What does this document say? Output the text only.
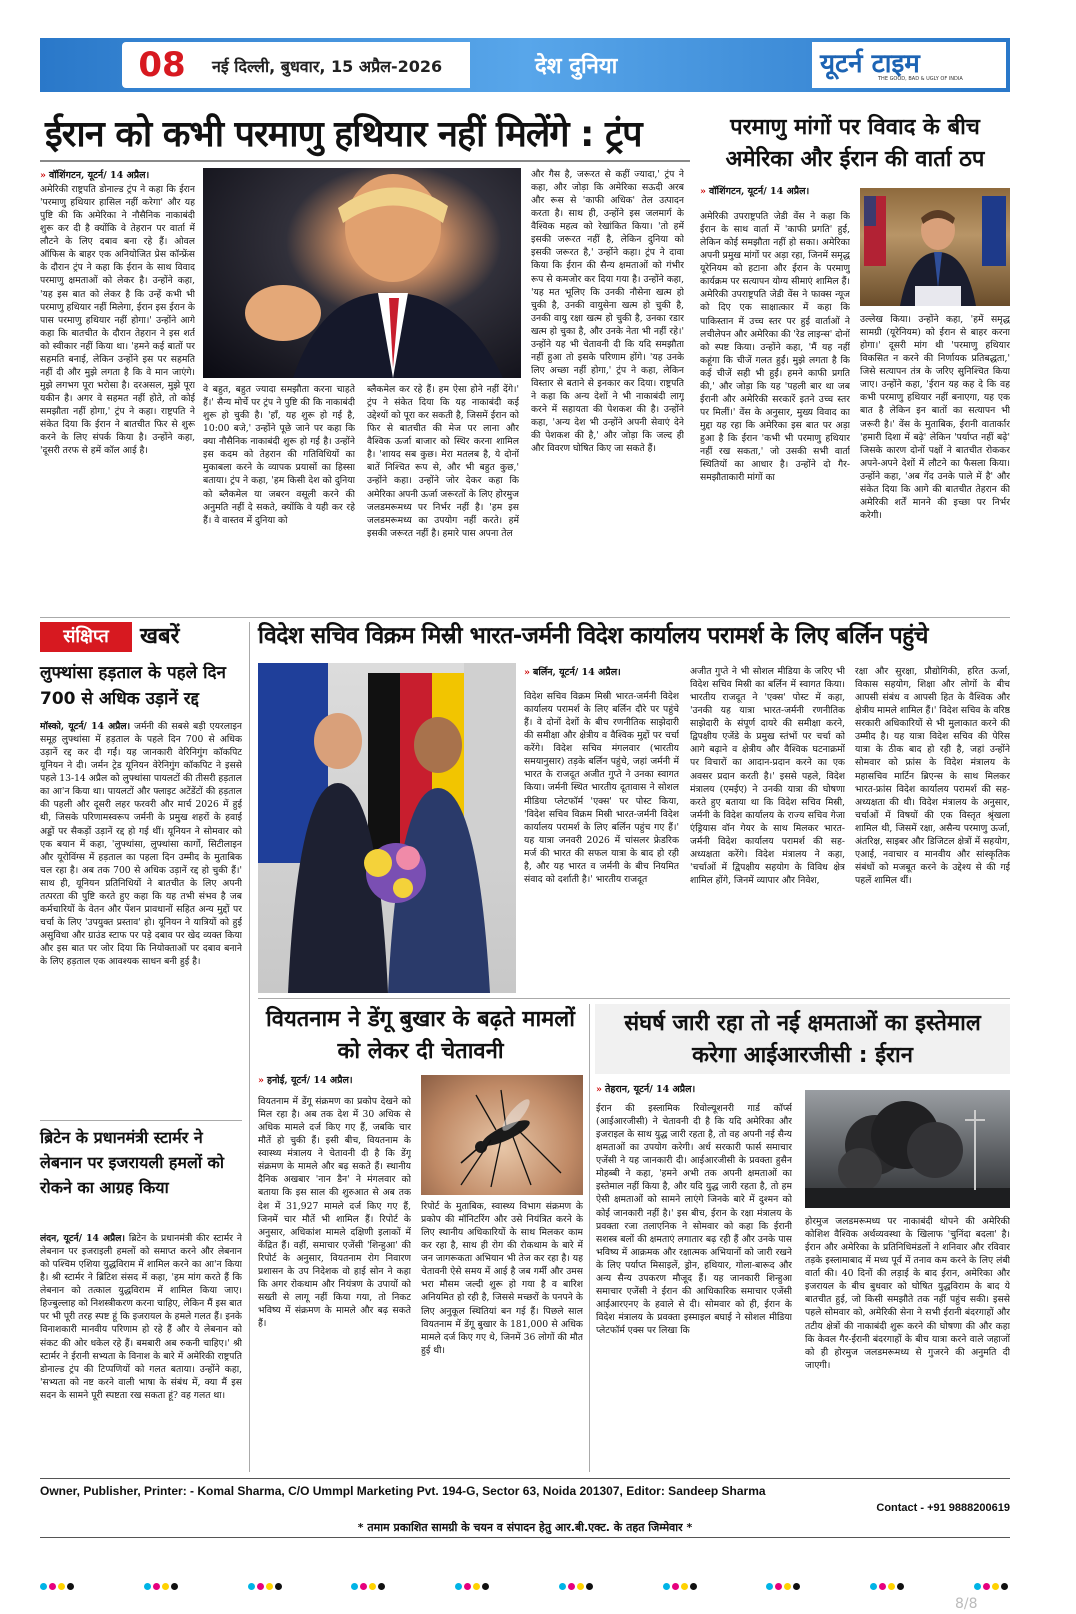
08	नई दिल्ली, बुधवार, 15 अप्रैल-2026	देश दुनिया	यूटर्न टाइम
THE GOOD, BAD & UGLY OF INDIA
ईरान को कभी परमाणु हथियार नहीं मिलेंगे : ट्रंप
» वॉशिंगटन, यूटर्न/ 14 अप्रैल।
अमेरिकी राष्ट्रपति डोनाल्ड ट्रंप ने कहा कि ईरान 'परमाणु हथियार हासिल नहीं करेगा' और यह पुष्टि की कि अमेरिका ने नौसैनिक नाकाबंदी शुरू कर दी है क्योंकि वे तेहरान पर वार्ता में लौटने के लिए दबाव बना रहे हैं। ओवल ऑफिस के बाहर एक अनियोजित प्रेस कॉन्फ्रेंस के दौरान ट्रंप ने कहा कि ईरान के साथ विवाद परमाणु क्षमताओं को लेकर है। उन्होंने कहा, 'यह इस बात को लेकर है कि उन्हें कभी भी परमाणु हथियार नहीं मिलेगा, ईरान इस ईरान के पास परमाणु हथियार नहीं होगा।' उन्होंने आगे कहा कि बातचीत के दौरान तेहरान ने इस शर्त को स्वीकार नहीं किया था। 'हमने कई बातों पर सहमति बनाई, लेकिन उन्होंने इस पर सहमति नहीं दी और मुझे लगता है कि वे मान जाएंगे। मुझे लगभग पूरा भरोसा है। दरअसल, मुझे पूरा यकीन है। अगर वे सहमत नहीं होते, तो कोई समझौता नहीं होगा,' ट्रंप ने कहा। राष्ट्रपति ने संकेत दिया कि ईरान ने बातचीत फिर से शुरू करने के लिए संपर्क किया है। उन्होंने कहा, 'दूसरी तरफ से हमें कॉल आई है।
वे बहुत, बहुत ज्यादा समझौता करना चाहते हैं।' सैन्य मोर्चे पर ट्रंप ने पुष्टि की कि नाकाबंदी शुरू हो चुकी है। 'हाँ, यह शुरू हो गई है, 10:00 बजे,' उन्होंने पूछे जाने पर कहा कि क्या नौसैनिक नाकाबंदी शुरू हो गई है। उन्होंने इस कदम को तेहरान की गतिविधियों का मुकाबला करने के व्यापक प्रयासों का हिस्सा बताया। ट्रंप ने कहा, 'हम किसी देश को दुनिया को ब्लैकमेल या जबरन वसूली करने की अनुमति नहीं दे सकते, क्योंकि वे यही कर रहे हैं। वे वास्तव में दुनिया को
ब्लैकमेल कर रहे हैं। हम ऐसा होने नहीं देंगे।' ट्रंप ने संकेत दिया कि यह नाकाबंदी कई उद्देश्यों को पूरा कर सकती है, जिसमें ईरान को फिर से बातचीत की मेज पर लाना और वैश्विक ऊर्जा बाजार को स्थिर करना शामिल है। 'शायद सब कुछ। मेरा मतलब है, ये दोनों बातें निश्चित रूप से, और भी बहुत कुछ,' उन्होंने कहा। उन्होंने जोर देकर कहा कि अमेरिका अपनी ऊर्जा जरूरतों के लिए होरमुज जलडमरूमध्य पर निर्भर नहीं है। 'हम इस जलडमरूमध्य का उपयोग नहीं करते। हमें इसकी जरूरत नहीं है। हमारे पास अपना तेल
और गैस है, जरूरत से कहीं ज्यादा,' ट्रंप ने कहा, और जोड़ा कि अमेरिका सऊदी अरब और रूस से 'काफी अधिक' तेल उत्पादन करता है। साथ ही, उन्होंने इस जलमार्ग के वैश्विक महत्व को रेखांकित किया। 'तो हमें इसकी जरूरत नहीं है, लेकिन दुनिया को इसकी जरूरत है,' उन्होंने कहा। ट्रंप ने दावा किया कि ईरान की सैन्य क्षमताओं को गंभीर रूप से कमजोर कर दिया गया है। उन्होंने कहा, 'यह मत भूलिए कि उनकी नौसेना खत्म हो चुकी है, उनकी वायुसेना खत्म हो चुकी है, उनकी वायु रक्षा खत्म हो चुकी है, उनका रडार खत्म हो चुका है, और उनके नेता भी नहीं रहे।' उन्होंने यह भी चेतावनी दी कि यदि समझौता नहीं हुआ तो इसके परिणाम होंगे। 'यह उनके लिए अच्छा नहीं होगा,' ट्रंप ने कहा, लेकिन विस्तार से बताने से इनकार कर दिया। राष्ट्रपति ने कहा कि अन्य देशों ने भी नाकाबंदी लागू करने में सहायता की पेशकश की है। उन्होंने कहा, 'अन्य देश भी उन्होंने अपनी सेवाएं देने की पेशकश की है,' और जोड़ा कि जल्द ही और विवरण घोषित किए जा सकते हैं।
परमाणु मांगों पर विवाद के बीच अमेरिका और ईरान की वार्ता ठप
» वॉशिंगटन, यूटर्न/ 14 अप्रैल।
अमेरिकी उपराष्ट्रपति जेडी वेंस ने कहा कि ईरान के साथ वार्ता में 'काफी प्रगति' हुई, लेकिन कोई समझौता नहीं हो सका। अमेरिका अपनी प्रमुख मांगों पर अड़ा रहा, जिनमें समृद्ध यूरेनियम को हटाना और ईरान के परमाणु कार्यक्रम पर सत्यापन योग्य सीमाएं शामिल हैं। अमेरिकी उपराष्ट्रपति जेडी वेंस ने फाक्स न्यूज को दिए एक साक्षात्कार में कहा कि पाकिस्तान में उच्च स्तर पर हुई वार्ताओं ने लचीलेपन और अमेरिका की 'रेड लाइन्स' दोनों को स्पष्ट किया। उन्होंने कहा, 'मैं यह नहीं कहूंगा कि चीजें गलत हुईं। मुझे लगता है कि कई चीजें सही भी हुईं। हमने काफी प्रगति की,' और जोड़ा कि यह 'पहली बार था जब ईरानी और अमेरिकी सरकारें इतने उच्च स्तर पर मिलीं।' वेंस के अनुसार, मुख्य विवाद का मुद्दा यह रहा कि अमेरिका इस बात पर अड़ा हुआ है कि ईरान 'कभी भी परमाणु हथियार नहीं रख सकता,' जो उसकी सभी वार्ता स्थितियों का आधार है। उन्होंने दो गैर-समझौताकारी मांगों का
उल्लेख किया। उन्होंने कहा, 'हमें समृद्ध सामग्री (यूरेनियम) को ईरान से बाहर करना होगा।' दूसरी मांग थी 'परमाणु हथियार विकसित न करने की निर्णायक प्रतिबद्धता,' जिसे सत्यापन तंत्र के जरिए सुनिश्चित किया जाए। उन्होंने कहा, 'ईरान यह कह दे कि वह कभी परमाणु हथियार नहीं बनाएगा, यह एक बात है लेकिन इन बातों का सत्यापन भी जरूरी है।' वेंस के मुताबिक, ईरानी वातार्कार 'हमारी दिशा में बढ़े' लेकिन 'पर्याप्त नहीं बढ़े' जिसके कारण दोनों पक्षों ने बातचीत रोककर अपने-अपने देशों में लौटने का फैसला किया। उन्होंने कहा, 'अब गेंद उनके पाले में है' और संकेत दिया कि आगे की बातचीत तेहरान की अमेरिकी शर्तें मानने की इच्छा पर निर्भर करेगी।
संक्षिप्त	खबरें
लुफ्थांसा हड़ताल के पहले दिन 700 से अधिक उड़ानें रद्द
मॉस्को, यूटर्न/ 14 अप्रैल। जर्मनी की सबसे बड़ी एयरलाइन समूह लुफ्थांसा में हड़ताल के पहले दिन 700 से अधिक उड़ानें रद्द कर दी गईं। यह जानकारी वेरिनिगुंग कॉकपिट यूनियन ने दी। जर्मन ट्रेड यूनियन वेरेनिगुंग कॉकपिट ने इससे पहले 13-14 अप्रैल को लुफ्थांसा पायलटों की तीसरी हड़ताल का आ'न किया था। पायलटों और फ्लाइट अटेंडेंटों की हड़ताल की पहली और दूसरी लहर फरवरी और मार्च 2026 में हुई थी, जिसके परिणामस्वरूप जर्मनी के प्रमुख शहरों के हवाई अड्डों पर सैकड़ों उड़ानें रद्द हो गई थीं। यूनियन ने सोमवार को एक बयान में कहा, 'लुफ्थांसा, लुफ्थांसा कार्गो, सिटीलाइन और यूरोविंग्स में हड़ताल का पहला दिन उम्मीद के मुताबिक चल रहा है। अब तक 700 से अधिक उड़ानें रद्द हो चुकी हैं।' साथ ही, यूनियन प्रतिनिधियों ने बातचीत के लिए अपनी तत्परता की पुष्टि करते हुए कहा कि यह तभी संभव है जब कर्मचारियों के वेतन और पेंशन प्रावधानों सहित अन्य मुद्दों पर चर्चा के लिए 'उपयुक्त प्रस्ताव' हो। यूनियन ने यात्रियों को हुई असुविधा और ग्राउंड स्टाफ पर पड़े दबाव पर खेद व्यक्त किया और इस बात पर जोर दिया कि नियोक्ताओं पर दबाव बनाने के लिए हड़ताल एक आवश्यक साधन बनी हुई है।
ब्रिटेन के प्रधानमंत्री स्टार्मर ने लेबनान पर इजरायली हमलों को रोकने का आग्रह किया
लंदन, यूटर्न/ 14 अप्रैल। ब्रिटेन के प्रधानमंत्री कीर स्टार्मर ने लेबनान पर इजराइली हमलों को समाप्त करने और लेबनान को पश्चिम एशिया युद्धविराम में शामिल करने का आ'न किया है। श्री स्टार्मर ने ब्रिटिश संसद में कहा, 'हम मांग करते हैं कि लेबनान को तत्काल युद्धविराम में शामिल किया जाए। हिज्बुल्लाह को निशस्त्रीकरण करना चाहिए, लेकिन मैं इस बात पर भी पूरी तरह स्पष्ट हूं कि इजरायल के हमले गलत हैं। इनके विनाशकारी मानवीय परिणाम हो रहे हैं और ये लेबनान को संकट की ओर धकेल रहे हैं। बमबारी अब रुकनी चाहिए।' श्री स्टार्मर ने ईरानी सभ्यता के विनाश के बारे में अमेरिकी राष्ट्रपति डोनाल्ड ट्रंप की टिप्पणियों को गलत बताया। उन्होंने कहा, 'सभ्यता को नष्ट करने वाली भाषा के संबंध में, क्या मैं इस सदन के सामने पूरी स्पष्टता रख सकता हूं? वह गलत था।
विदेश सचिव विक्रम मिस्री भारत-जर्मनी विदेश कार्यालय परामर्श के लिए बर्लिन पहुंचे
» बर्लिन, यूटर्न/ 14 अप्रैल।
विदेश सचिव विक्रम मिस्री भारत-जर्मनी विदेश कार्यालय परामर्श के लिए बर्लिन दौरे पर पहुंचे हैं। वे दोनों देशों के बीच रणनीतिक साझेदारी की समीक्षा और क्षेत्रीय व वैश्विक मुद्दों पर चर्चा करेंगे। विदेश सचिव मंगलवार (भारतीय समयानुसार) तड़के बर्लिन पहुंचे, जहां जर्मनी में भारत के राजदूत अजीत गुप्ते ने उनका स्वागत किया। जर्मनी स्थित भारतीय दूतावास ने सोशल मीडिया प्लेटफॉर्म 'एक्स' पर पोस्ट किया, 'विदेश सचिव विक्रम मिस्री भारत-जर्मनी विदेश कार्यालय परामर्श के लिए बर्लिन पहुंच गए हैं।' यह यात्रा जनवरी 2026 में चांसलर फ्रेडरिक मर्ज की भारत की सफल यात्रा के बाद हो रही है, और यह भारत व जर्मनी के बीच नियमित संवाद को दर्शाती है।' भारतीय राजदूत
अजीत गुप्ते ने भी सोशल मीडिया के जरिए भी विदेश सचिव मिस्री का बर्लिन में स्वागत किया। भारतीय राजदूत ने 'एक्स' पोस्ट में कहा, 'उनकी यह यात्रा भारत-जर्मनी रणनीतिक साझेदारी के संपूर्ण दायरे की समीक्षा करने, द्विपक्षीय एजेंडे के प्रमुख स्तंभों पर चर्चा को आगे बढ़ाने व क्षेत्रीय और वैश्विक घटनाक्रमों पर विचारों का आदान-प्रदान करने का एक अवसर प्रदान करती है।' इससे पहले, विदेश मंत्रालय (एमईए) ने उनकी यात्रा की घोषणा करते हुए बताया था कि विदेश सचिव मिस्री, जर्मनी के विदेश कार्यालय के राज्य सचिव गेजा एंड्रियास वॉन गेयर के साथ मिलकर भारत-जर्मनी विदेश कार्यालय परामर्श की सह-अध्यक्षता करेंगे। विदेश मंत्रालय ने कहा, 'चर्चाओं में द्विपक्षीय सहयोग के विविध क्षेत्र शामिल होंगे, जिनमें व्यापार और निवेश,
रक्षा और सुरक्षा, प्रौद्योगिकी, हरित ऊर्जा, विकास सहयोग, शिक्षा और लोगों के बीच आपसी संबंध व आपसी हित के वैश्विक और क्षेत्रीय मामले शामिल हैं।' विदेश सचिव के वरिष्ठ सरकारी अधिकारियों से भी मुलाकात करने की उम्मीद है। यह यात्रा विदेश सचिव की पेरिस यात्रा के ठीक बाद हो रही है, जहां उन्होंने सोमवार को फ्रांस के विदेश मंत्रालय के महासचिव मार्टिन ब्रिएन्स के साथ मिलकर भारत-फ्रांस विदेश कार्यालय परामर्श की सह-अध्यक्षता की थी। विदेश मंत्रालय के अनुसार, चर्चाओं में विषयों की एक विस्तृत श्रृंखला शामिल थी, जिसमें रक्षा, असैन्य परमाणु ऊर्जा, अंतरिक्ष, साइबर और डिजिटल क्षेत्रों में सहयोग, एआई, नवाचार व मानवीय और सांस्कृतिक संबंधों को मजबूत करने के उद्देश्य से की गई पहलें शामिल थीं।
वियतनाम ने डेंगू बुखार के बढ़ते मामलों को लेकर दी चेतावनी
» हनोई, यूटर्न/ 14 अप्रैल।
वियतनाम में डेंगू संक्रमण का प्रकोप देखने को मिल रहा है। अब तक देश में 30 अधिक से अधिक मामले दर्ज किए गए हैं, जबकि चार मौतें हो चुकी हैं। इसी बीच, वियतनाम के स्वास्थ्य मंत्रालय ने चेतावनी दी है कि डेंगू संक्रमण के मामले और बढ़ सकते हैं। स्थानीय दैनिक अखबार 'नान डैन' ने मंगलवार को बताया कि इस साल की शुरुआत से अब तक देश में 31,927 मामले दर्ज किए गए हैं, जिनमें चार मौतें भी शामिल हैं। रिपोर्ट के अनुसार, अधिकांश मामले दक्षिणी इलाकों में केंद्रित हैं। वहीं, समाचार एजेंसी 'शिन्हुआ' की रिपोर्ट के अनुसार, वियतनाम रोग निवारण प्रशासन के उप निदेशक वो हाई सोन ने कहा कि अगर रोकथाम और नियंत्रण के उपायों को सख्ती से लागू नहीं किया गया, तो निकट भविष्य में संक्रमण के मामले और बढ़ सकते हैं।
रिपोर्ट के मुताबिक, स्वास्थ्य विभाग संक्रमण के प्रकोप की मॉनिटरिंग और उसे नियंत्रित करने के लिए स्थानीय अधिकारियों के साथ मिलकर काम कर रहा है, साथ ही रोग की रोकथाम के बारे में जन जागरूकता अभियान भी तेज कर रहा है। यह चेतावनी ऐसे समय में आई है जब गर्मी और उमस भरा मौसम जल्दी शुरू हो गया है व बारिश अनियमित हो रही है, जिससे मच्छरों के पनपने के लिए अनुकूल स्थितियां बन गई हैं। पिछले साल वियतनाम में डेंगू बुखार के 181,000 से अधिक मामले दर्ज किए गए थे, जिनमें 36 लोगों की मौत हुई थी।
संघर्ष जारी रहा तो नई क्षमताओं का इस्तेमाल करेगा आईआरजीसी : ईरान
» तेहरान, यूटर्न/ 14 अप्रैल।
ईरान की इस्लामिक रिवोल्यूशनरी गार्ड कॉर्प्स (आईआरजीसी) ने चेतावनी दी है कि यदि अमेरिका और इजराइल के साथ युद्ध जारी रहता है, तो वह अपनी नई सैन्य क्षमताओं का उपयोग करेगी। अर्ध सरकारी फार्स समाचार एजेंसी ने यह जानकारी दी। आईआरजीसी के प्रवक्ता हुसैन मोहब्बी ने कहा, 'हमने अभी तक अपनी क्षमताओं का इस्तेमाल नहीं किया है, और यदि युद्ध जारी रहता है, तो हम ऐसी क्षमताओं को सामने लाएंगे जिनके बारे में दुश्मन को कोई जानकारी नहीं है।' इस बीच, ईरान के रक्षा मंत्रालय के प्रवक्ता रजा तलाएनिक ने सोमवार को कहा कि ईरानी सशस्त्र बलों की क्षमताएं लगातार बढ़ रही हैं और उनके पास भविष्य में आक्रमक और रक्षात्मक अभियानों को जारी रखने के लिए पर्याप्त मिसाइलें, ड्रोन, हथियार, गोला-बारूद और अन्य सैन्य उपकरण मौजूद हैं। यह जानकारी शिन्हुआ समाचार एजेंसी ने ईरान की आधिकारिक समाचार एजेंसी आईआरएनए के हवाले से दी। सोमवार को ही, ईरान के विदेश मंत्रालय के प्रवक्ता इस्माइल बघाई ने सोशल मीडिया प्लेटफॉर्म एक्स पर लिखा कि
होरमुज जलडमरूमध्य पर नाकाबंदी थोपने की अमेरिकी कोशिश वैश्विक अर्थव्यवस्था के खिलाफ 'चुनिंदा बदला' है। ईरान और अमेरिका के प्रतिनिधिमंडलों ने शनिवार और रविवार तड़के इस्लामाबाद में मध्य पूर्व में तनाव कम करने के लिए लंबी वार्ता की। 40 दिनों की लड़ाई के बाद ईरान, अमेरिका और इजरायल के बीच बुधवार को घोषित युद्धविराम के बाद ये बातचीत हुई, जो किसी समझौते तक नहीं पहुंच सकी। इससे पहले सोमवार को, अमेरिकी सेना ने सभी ईरानी बंदरगाहों और तटीय क्षेत्रों की नाकाबंदी शुरू करने की घोषणा की और कहा कि केवल गैर-ईरानी बंदरगाहों के बीच यात्रा करने वाले जहाजों को ही होरमुज जलडमरूमध्य से गुजरने की अनुमति दी जाएगी।
Owner, Publisher, Printer: - Komal Sharma, C/O Ummpl Marketing Pvt. 194-G, Sector 63, Noida 201307, Editor: Sandeep Sharma
Contact - +91 9888200619
* तमाम प्रकाशित सामग्री के चयन व संपादन हेतु आर.बी.एक्ट. के तहत जिम्मेवार *
8/8
